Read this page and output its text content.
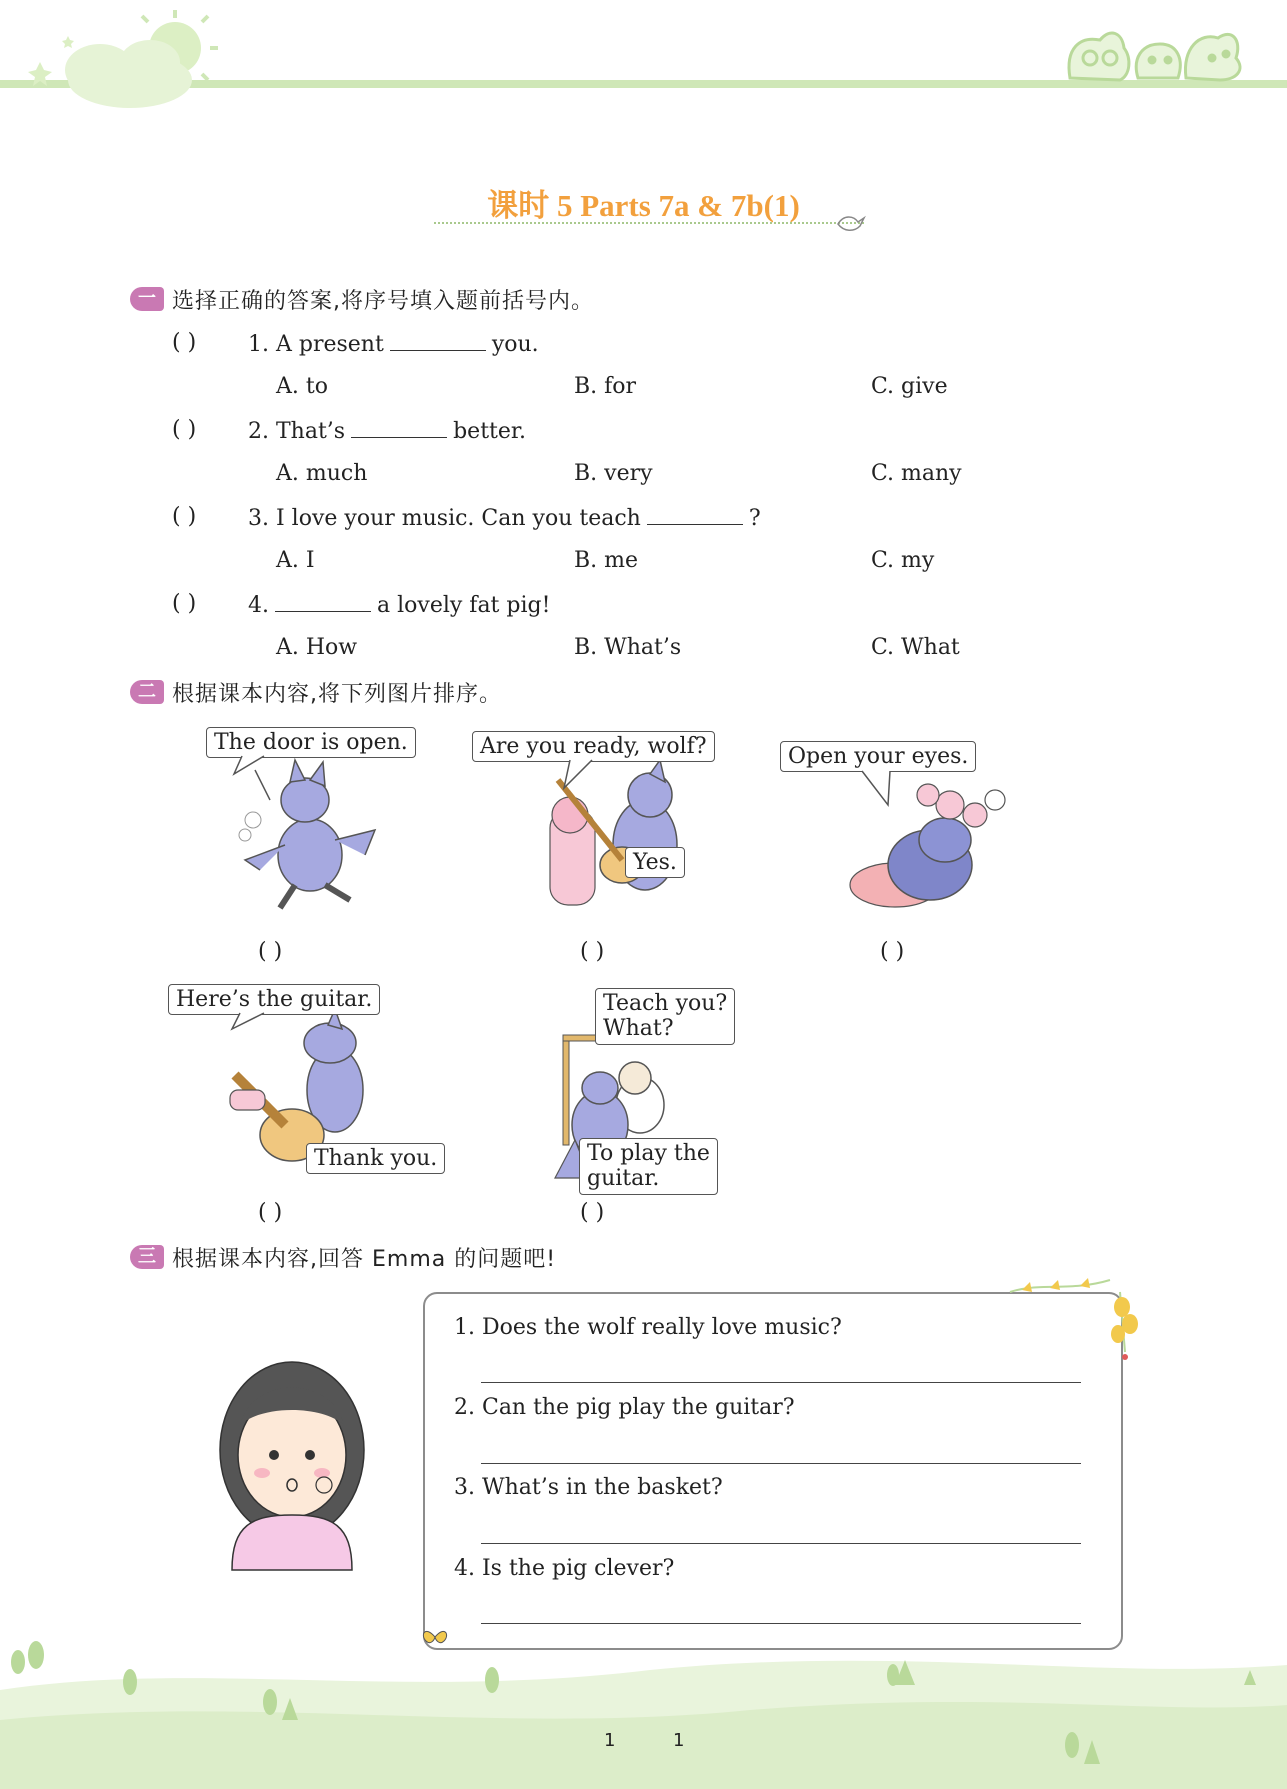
课时 5 Parts 7a & 7b(1)
一 选择正确的答案,将序号填入题前括号内。
( ) 1. A present	you.
A. to	B. for	C. give
( ) 2. That’s	better.
A. much	B. very	C. many
( ) 3. I love your music. Can you teach	?
A. I	B. me	C. my
( ) 4.	a lovely fat pig!
A. How	B. What’s	C. What
二 根据课本内容,将下列图片排序。
The door is open.
( )
Are you ready, wolf?
Yes.
( )
Open your eyes.
( )
Here’s the guitar.
Thank you.
( )
Teach you?
What?
To play the
guitar.
( )
三 根据课本内容,回答 Emma 的问题吧!
1. Does the wolf really love music?
2. Can the pig play the guitar?
3. What’s in the basket?
4. Is the pig clever?
1	1
